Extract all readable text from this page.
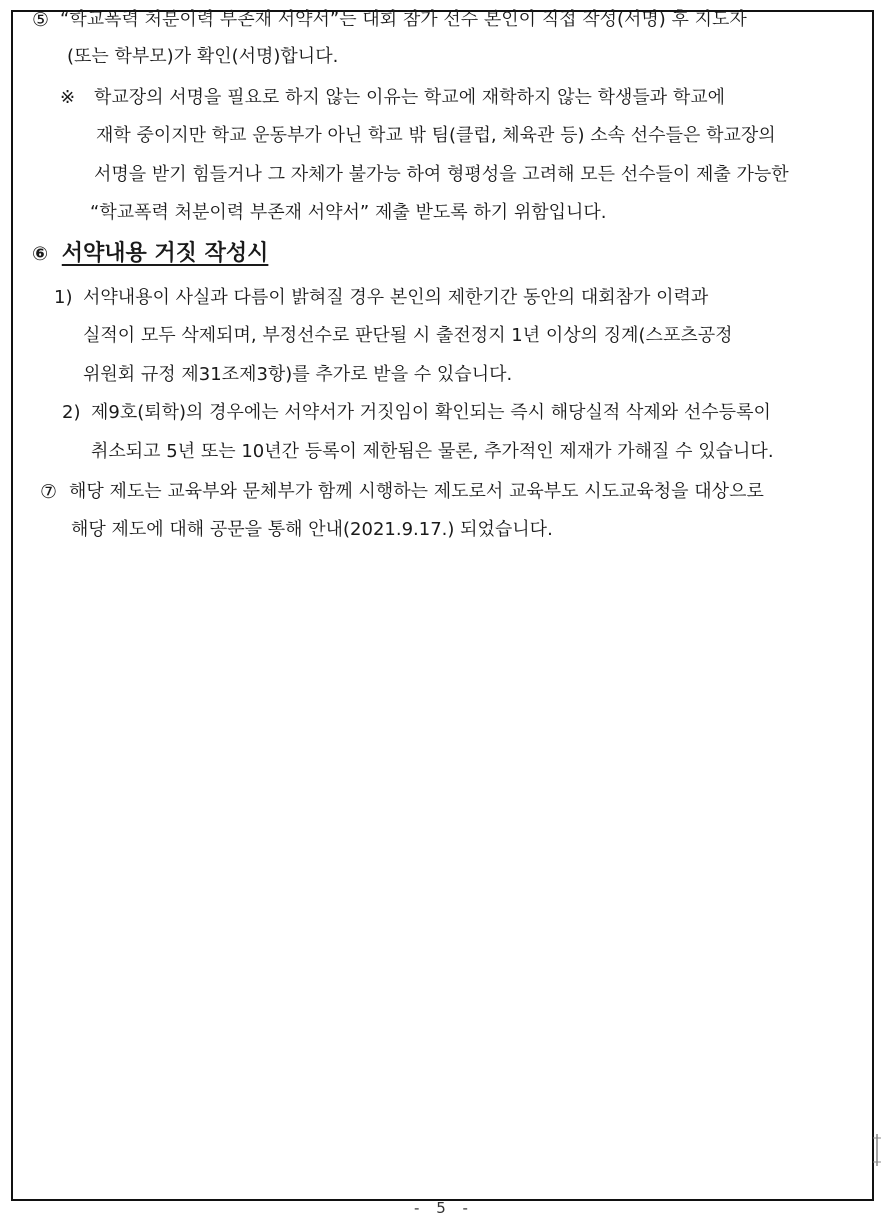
⑤ “학교폭력 처분이력 부존재 서약서”는 대회 참가 선수 본인이 직접 작성(서명) 후 지도자
(또는 학부모)가 확인(서명)합니다.
※ 학교장의 서명을 필요로 하지 않는 이유는 학교에 재학하지 않는 학생들과 학교에
재학 중이지만 학교 운동부가 아닌 학교 밖 팀(클럽, 체육관 등) 소속 선수들은 학교장의
서명을 받기 힘들거나 그 자체가 불가능 하여 형평성을 고려해 모든 선수들이 제출 가능한
“학교폭력 처분이력 부존재 서약서” 제출 받도록 하기 위함입니다.
⑥ 서약내용 거짓 작성시
1) 서약내용이 사실과 다름이 밝혀질 경우 본인의 제한기간 동안의 대회참가 이력과
실적이 모두 삭제되며, 부정선수로 판단될 시 출전정지 1년 이상의 징계(스포츠공정
위원회 규정 제31조제3항)를 추가로 받을 수 있습니다.
2) 제9호(퇴학)의 경우에는 서약서가 거짓임이 확인되는 즉시 해당실적 삭제와 선수등록이
취소되고 5년 또는 10년간 등록이 제한됨은 물론, 추가적인 제재가 가해질 수 있습니다.
⑦ 해당 제도는 교육부와 문체부가 함께 시행하는 제도로서 교육부도 시도교육청을 대상으로
해당 제도에 대해 공문을 통해 안내(2021.9.17.) 되었습니다.
- 5 -
